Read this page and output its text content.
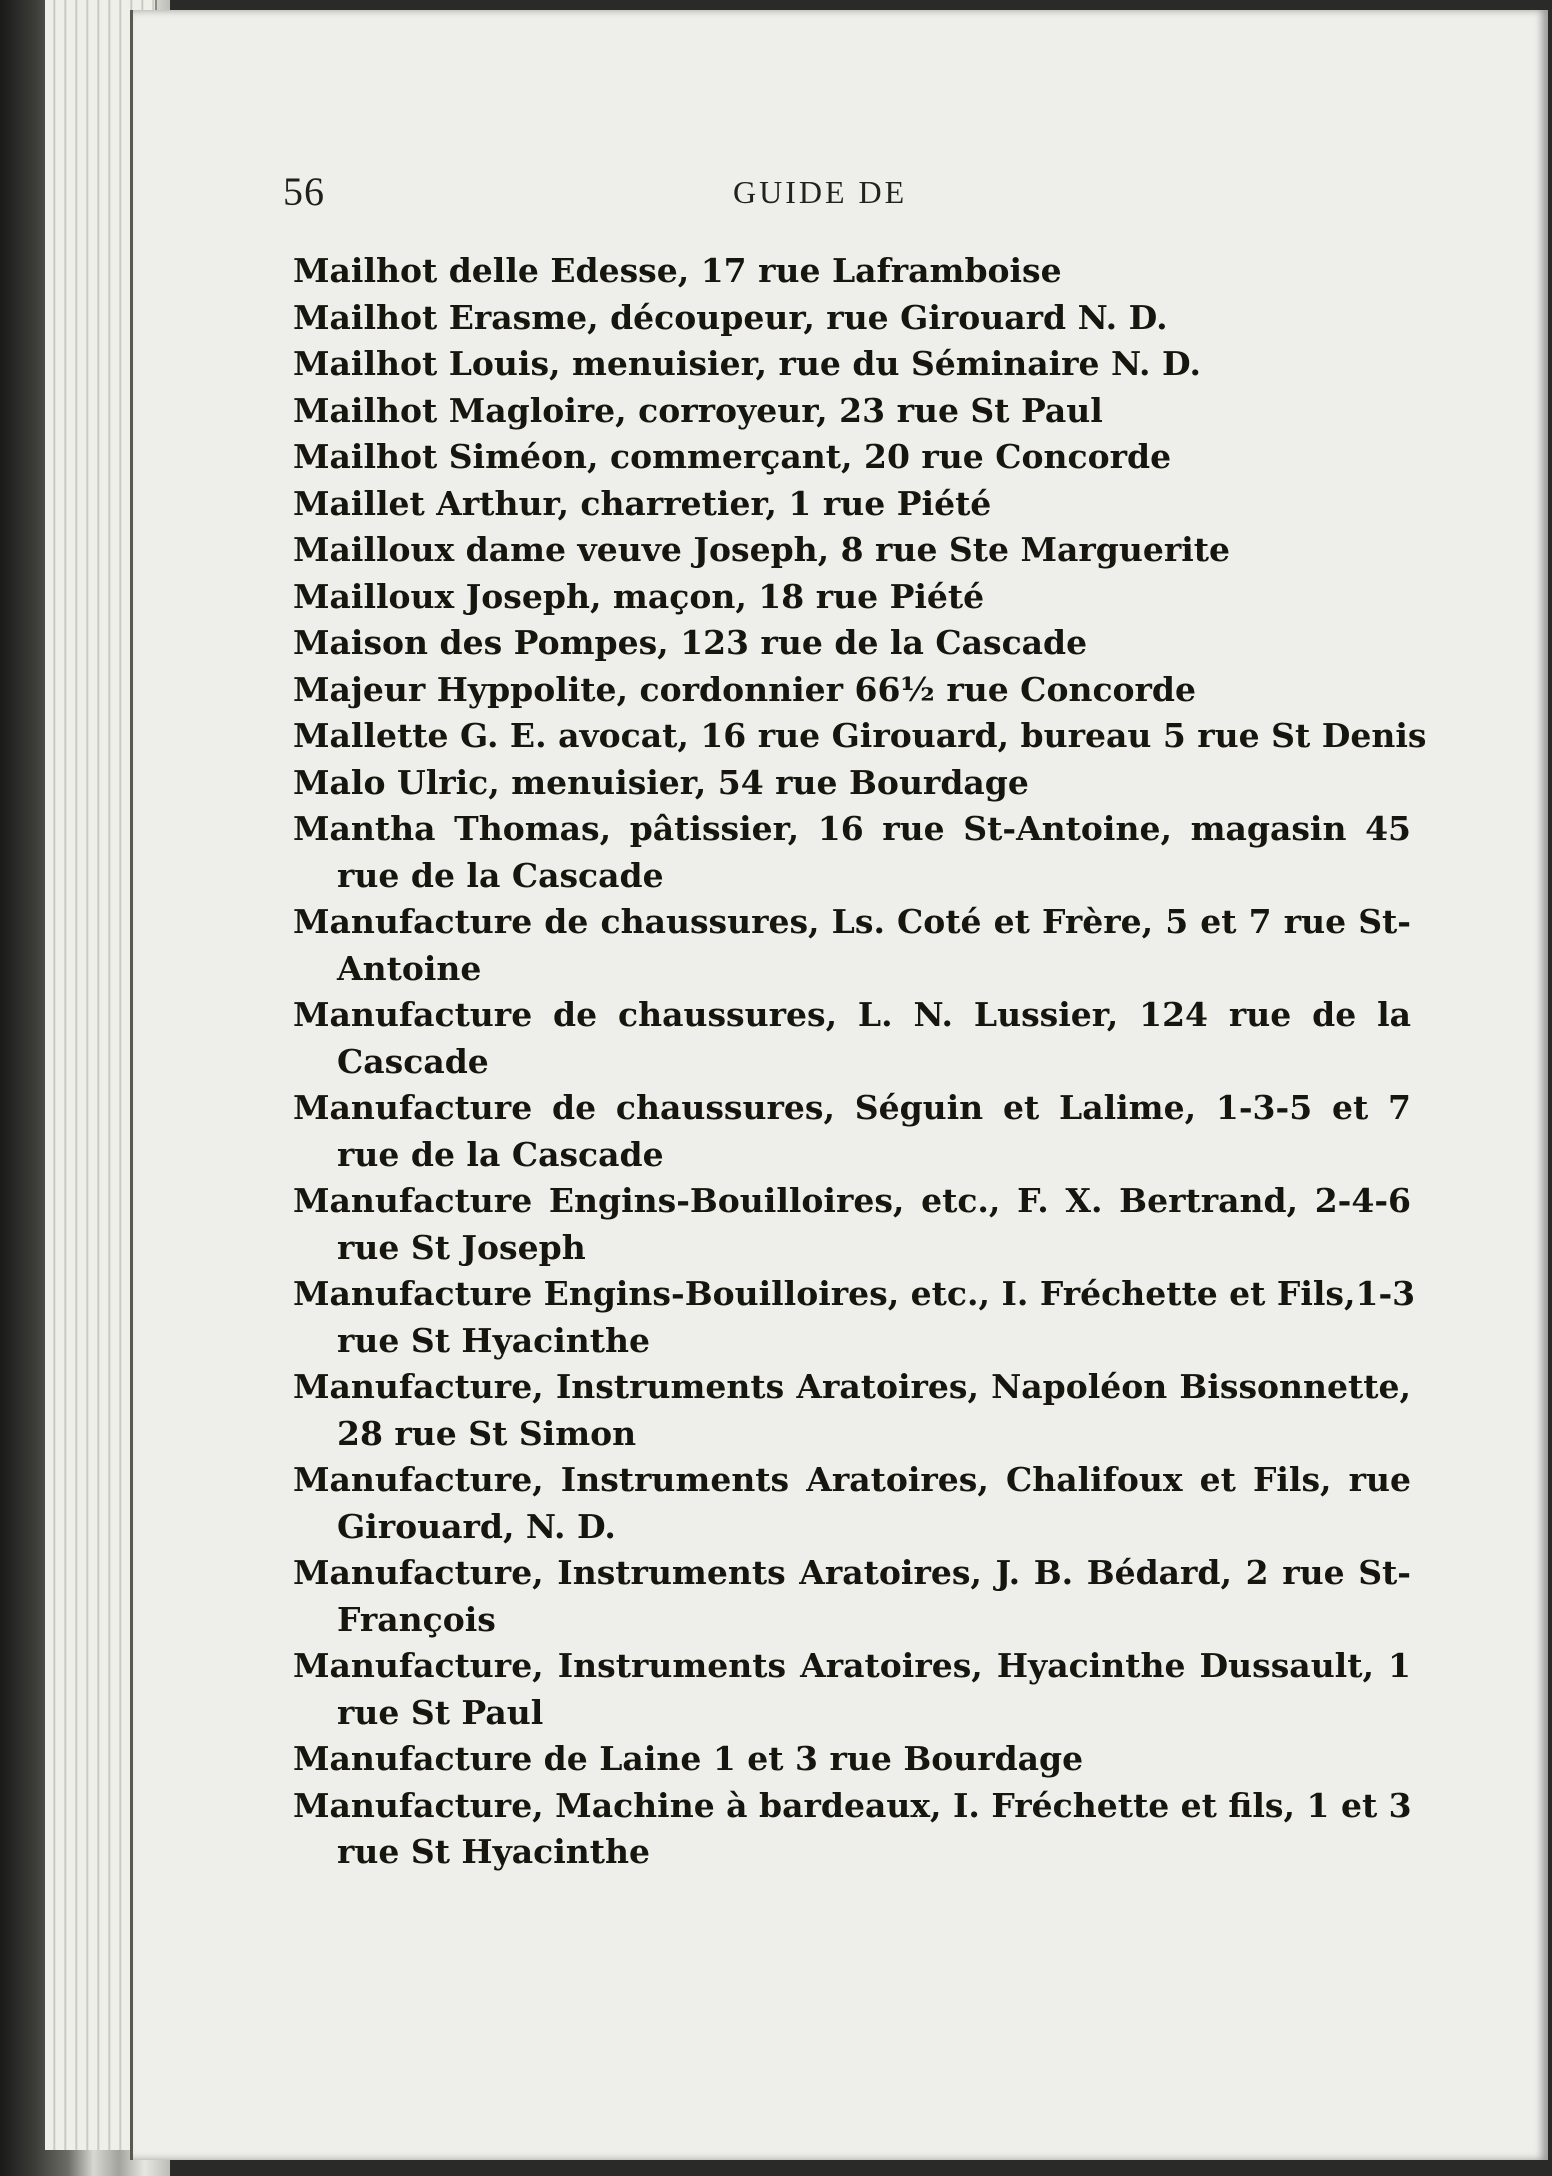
56	GUIDE DE
Mailhot delle Edesse, 17 rue Laframboise
Mailhot Erasme, découpeur, rue Girouard N. D.
Mailhot Louis, menuisier, rue du Séminaire N. D.
Mailhot Magloire, corroyeur, 23 rue St Paul
Mailhot Siméon, commerçant, 20 rue Concorde
Maillet Arthur, charretier, 1 rue Piété
Mailloux dame veuve Joseph, 8 rue Ste Marguerite
Mailloux Joseph, maçon, 18 rue Piété
Maison des Pompes, 123 rue de la Cascade
Majeur Hyppolite, cordonnier 66½ rue Concorde
Mallette G. E. avocat, 16 rue Girouard, bureau 5 rue St Denis
Malo Ulric, menuisier, 54 rue Bourdage
Mantha Thomas, pâtissier, 16 rue St-Antoine, magasin 45
rue de la Cascade
Manufacture de chaussures, Ls. Coté et Frère, 5 et 7 rue St-
Antoine
Manufacture de chaussures, L. N. Lussier, 124 rue de la
Cascade
Manufacture de chaussures, Séguin et Lalime, 1-3-5 et 7
rue de la Cascade
Manufacture Engins-Bouilloires, etc., F. X. Bertrand, 2-4-6
rue St Joseph
Manufacture Engins-Bouilloires, etc., I. Fréchette et Fils,1-3
rue St Hyacinthe
Manufacture, Instruments Aratoires, Napoléon Bissonnette,
28 rue St Simon
Manufacture, Instruments Aratoires, Chalifoux et Fils, rue
Girouard, N. D.
Manufacture, Instruments Aratoires, J. B. Bédard, 2 rue St-
François
Manufacture, Instruments Aratoires, Hyacinthe Dussault, 1
rue St Paul
Manufacture de Laine 1 et 3 rue Bourdage
Manufacture, Machine à bardeaux, I. Fréchette et fils, 1 et 3
rue St Hyacinthe
